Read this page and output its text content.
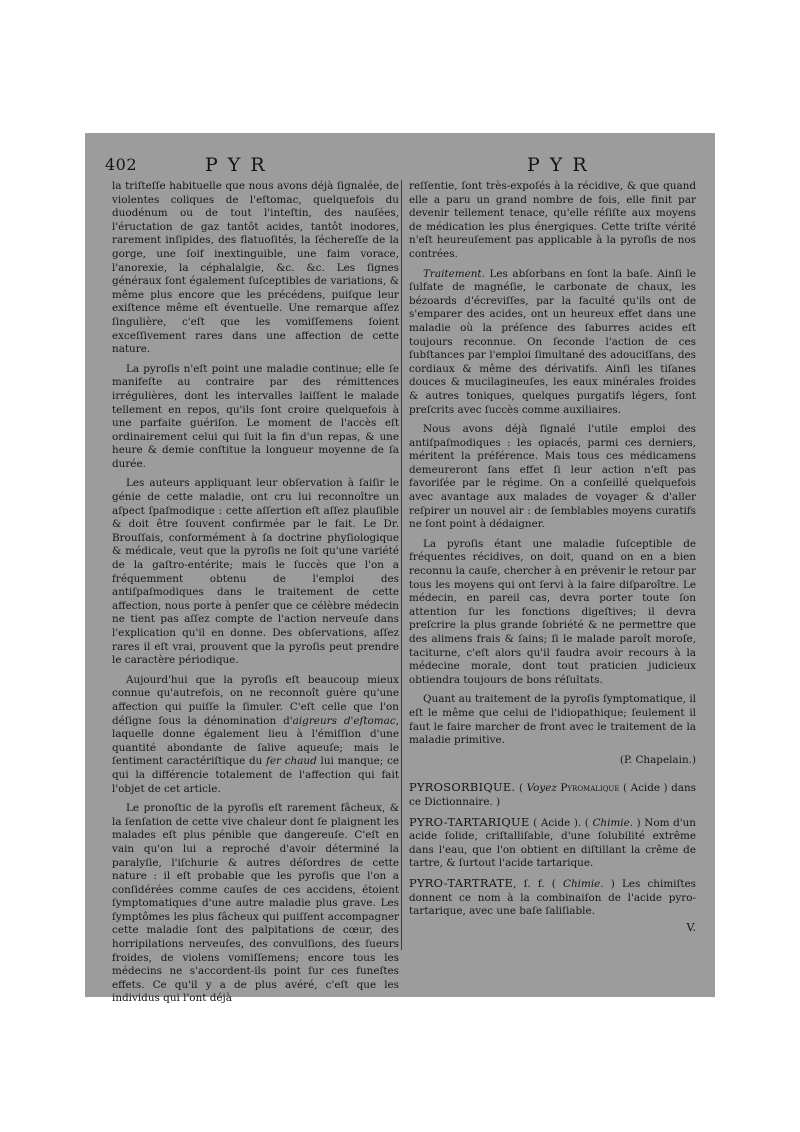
402	PYR	PYR

la triſteſſe habituelle que nous avons déjà ſignalée, de violentes coliques de l'eſtomac, quelquefois du duodénum ou de tout l'inteſtin, des nauſées, l'éructation de gaz tantôt acides, tantôt inodores, rarement inſipides, des flatuoſités, la ſéchereſſe de la gorge, une ſoif inextinguible, une faim vorace, l'anorexie, la céphalalgie, &c. &c. Les ſignes généraux ſont également ſuſceptibles de variations, & même plus encore que les précédens, puiſque leur exiſtence même eſt éventuelle. Une remarque aſſez ſingulière, c'eſt que les vomiſſemens ſoient exceſſivement rares dans une affection de cette nature.

La pyroſis n'eſt point une maladie continue; elle ſe manifeſte au contraire par des rémittences irrégulières, dont les intervalles laiſſent le malade tellement en repos, qu'ils ſont croire quelquefois à une parfaite guériſon. Le moment de l'accès eſt ordinairement celui qui ſuit la fin d'un repas, & une heure & demie conſtitue la longueur moyenne de ſa durée.

Les auteurs appliquant leur obſervation à ſaiſir le génie de cette maladie, ont cru lui reconnoître un aſpect ſpaſmodique : cette aſſertion eſt aſſez plauſible & doit être ſouvent confirmée par le fait. Le Dr. Brouſſais, conformément à ſa doctrine phyſiologique & médicale, veut que la pyroſis ne ſoit qu'une variété de la gaſtro-entérite; mais le ſuccès que l'on a fréquemment obtenu de l'emploi des antiſpaſmodiques dans le traitement de cette affection, nous porte à penſer que ce célèbre médecin ne tient pas aſſez compte de l'action nerveuſe dans l'explication qu'il en donne. Des obſervations, aſſez rares il eſt vrai, prouvent que la pyroſis peut prendre le caractère périodique.

Aujourd'hui que la pyroſis eſt beaucoup mieux connue qu'autrefois, on ne reconnoît guère qu'une affection qui puiſſe la ſimuler. C'eſt celle que l'on déſigne ſous la dénomination d'aigreurs d'eſtomac, laquelle donne également lieu à l'émiſſion d'une quantité abondante de ſalive aqueuſe; mais le ſentiment caractériſtique du fer chaud lui manque; ce qui la différencie totalement de l'affection qui fait l'objet de cet article.

Le pronoſtic de la pyroſis eſt rarement fâcheux, & la ſenſation de cette vive chaleur dont ſe plaignent les malades eſt plus pénible que dangereuſe. C'eſt en vain qu'on lui a reproché d'avoir déterminé la paralyſie, l'iſchurie & autres déſordres de cette nature : il eſt probable que les pyroſis que l'on a conſidérées comme cauſes de ces accidens, étoient ſymptomatiques d'une autre maladie plus grave. Les ſymptômes les plus fâcheux qui puiſſent accompagner cette maladie ſont des palpitations de cœur, des horripilations nerveuſes, des convulſions, des ſueurs froides, de violens vomiſſemens; encore tous les médecins ne s'accordent-ils point ſur ces funeſtes effets. Ce qu'il y a de plus avéré, c'eſt que les individus qui l'ont déjà

reſſentie, ſont très-expoſés à la récidive, & que quand elle a paru un grand nombre de fois, elle finit par devenir tellement tenace, qu'elle réſiſte aux moyens de médication les plus énergiques. Cette triſte vérité n'eſt heureuſement pas applicable à la pyroſis de nos contrées.

Traitement. Les abſorbans en ſont la baſe. Ainſi le ſulfate de magnéſie, le carbonate de chaux, les bézoards d'écreviſſes, par la faculté qu'ils ont de s'emparer des acides, ont un heureux effet dans une maladie où la préſence des ſaburres acides eſt toujours reconnue. On ſeconde l'action de ces ſubſtances par l'emploi ſimultané des adouciſſans, des cordiaux & même des dérivatifs. Ainſi les tiſanes douces & mucilagineuſes, les eaux minérales froides & autres toniques, quelques purgatifs légers, ſont preſcrits avec ſuccès comme auxiliaires.

Nous avons déjà ſignalé l'utile emploi des antiſpaſmodiques : les opiacés, parmi ces derniers, méritent la préférence. Mais tous ces médicamens demeureront ſans effet ſi leur action n'eſt pas favoriſée par le régime. On a conſeillé quelquefois avec avantage aux malades de voyager & d'aller reſpirer un nouvel air : de ſemblables moyens curatifs ne ſont point à dédaigner.

La pyroſis étant une maladie ſuſceptible de fréquentes récidives, on doit, quand on en a bien reconnu la cauſe, chercher à en prévenir le retour par tous les moyens qui ont ſervi à la faire diſparoître. Le médecin, en pareil cas, devra porter toute ſon attention ſur les fonctions digeſtives; il devra preſcrire la plus grande ſobriété & ne permettre que des alimens frais & ſains; ſi le malade paroît moroſe, taciturne, c'eſt alors qu'il faudra avoir recours à la médecine morale, dont tout praticien judicieux obtiendra toujours de bons réſultats.

Quant au traitement de la pyroſis ſymptomatique, il eſt le même que celui de l'idiopathique; ſeulement il faut le faire marcher de front avec le traitement de la maladie primitive.

(P. Chapelain.)

PYROSORBIQUE. ( Voyez Pyromalique ( Acide ) dans ce Dictionnaire. )

PYRO-TARTARIQUE ( Acide ). ( Chimie. ) Nom d'un acide ſolide, criſtalliſable, d'une ſolubilité extrême dans l'eau, que l'on obtient en diſtillant la crême de tartre, & ſurtout l'acide tartarique.

PYRO-TARTRATE, ſ. f. ( Chimie. ) Les chimiſtes donnent ce nom à la combinaiſon de l'acide pyro-tartarique, avec une baſe ſaliſiable.

V.
